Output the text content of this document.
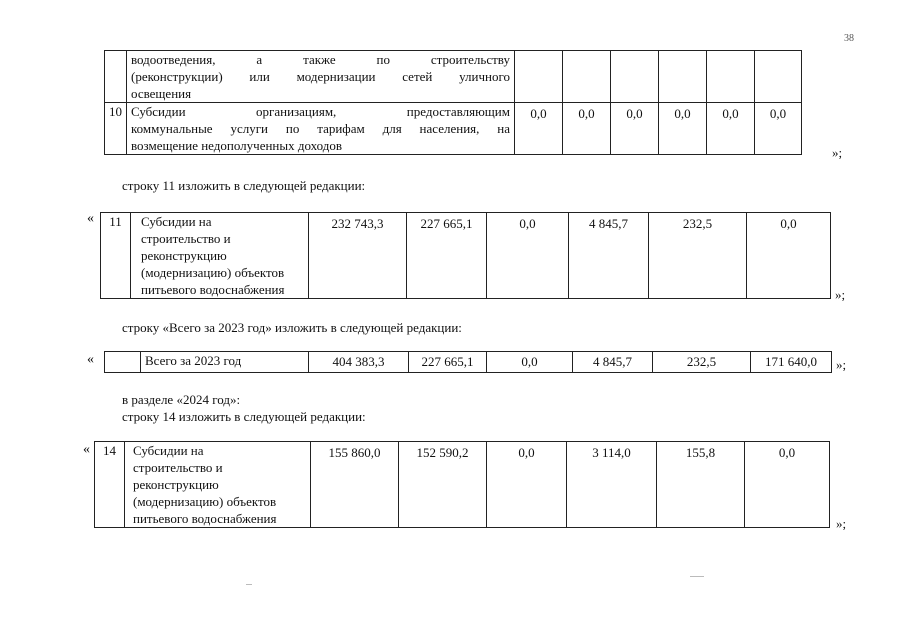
38

	водоотведения, а также по строительству
(реконструкции) или модернизации сетей уличного
освещения						

10	Субсидии организациям, предоставляющим
коммунальные услуги по тарифам для населения, на
возмещение недополученных доходов	0,0	0,0	0,0	0,0	0,0	0,0
»;
строку 11 изложить в следующей редакции:
« 11	Субсидии на
строительство и
реконструкцию
(модернизацию) объектов
питьевого водоснабжения
	232 743,3	227 665,1	0,0	4 845,7	232,5	0,0
»;
строку «Всего за 2023 год» изложить в следующей редакции:
«
		Всего за 2023 год	404 383,3	227 665,1	0,0	4 845,7	232,5	171 640,0 »;
в разделе «2024 год»:
строку 14 изложить в следующей редакции:
« 14	Субсидии на
строительство и
реконструкцию
(модернизацию) объектов
питьевого водоснабжения
	155 860,0	152 590,2	0,0	3 114,0	155,8	0,0
»;
